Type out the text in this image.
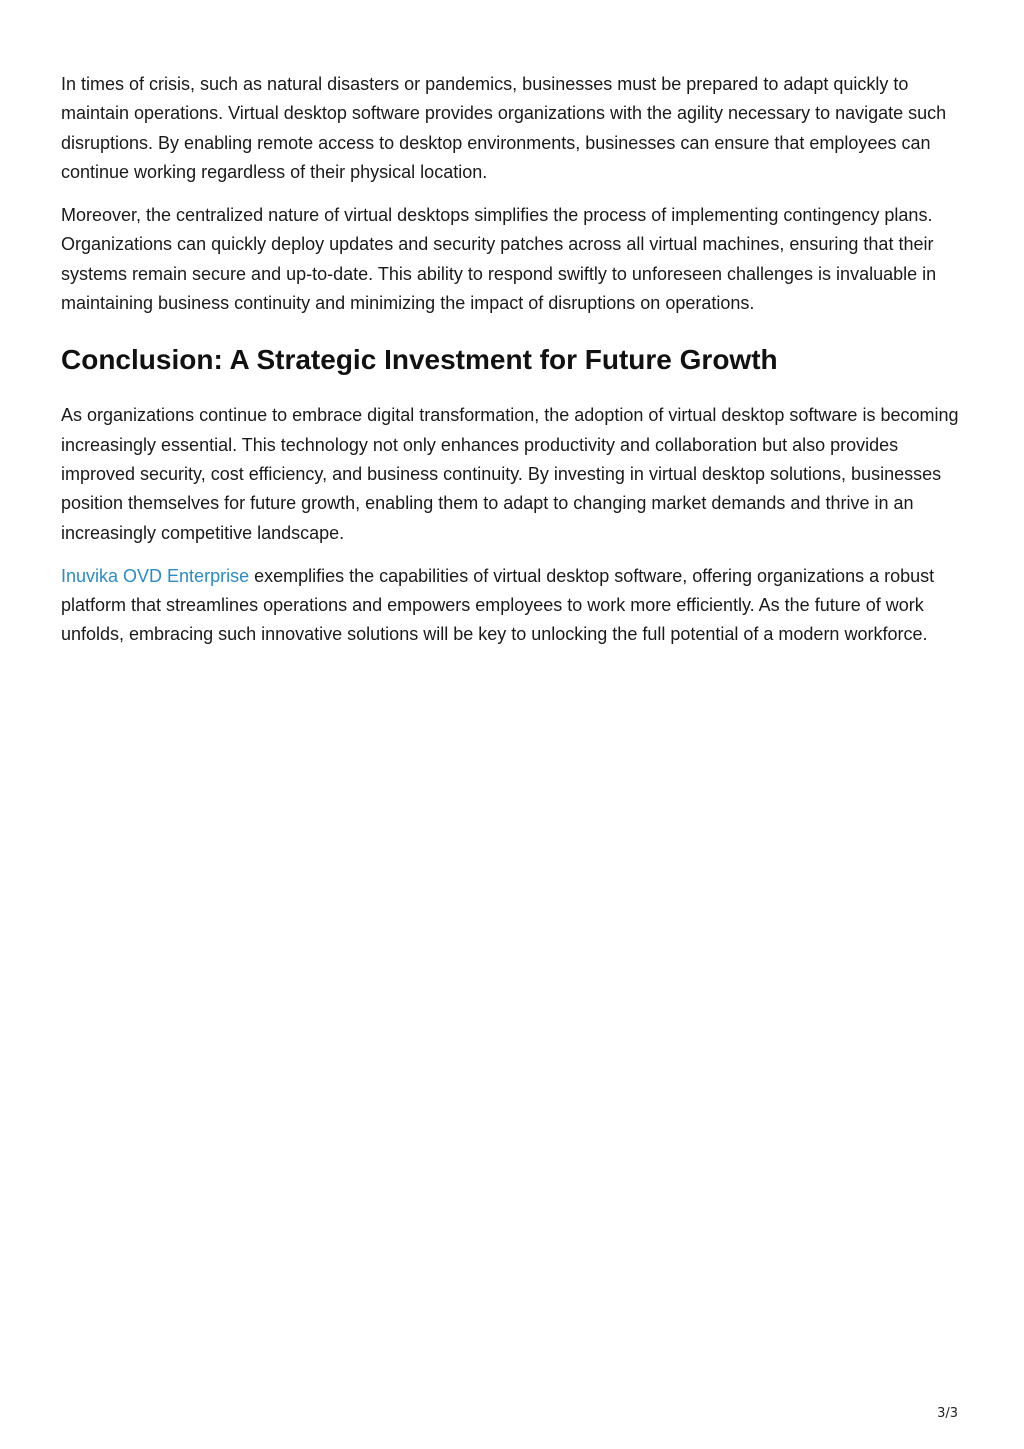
In times of crisis, such as natural disasters or pandemics, businesses must be prepared to adapt quickly to maintain operations. Virtual desktop software provides organizations with the agility necessary to navigate such disruptions. By enabling remote access to desktop environments, businesses can ensure that employees can continue working regardless of their physical location.

Moreover, the centralized nature of virtual desktops simplifies the process of implementing contingency plans. Organizations can quickly deploy updates and security patches across all virtual machines, ensuring that their systems remain secure and up-to-date. This ability to respond swiftly to unforeseen challenges is invaluable in maintaining business continuity and minimizing the impact of disruptions on operations.

Conclusion: A Strategic Investment for Future Growth

As organizations continue to embrace digital transformation, the adoption of virtual desktop software is becoming increasingly essential. This technology not only enhances productivity and collaboration but also provides improved security, cost efficiency, and business continuity. By investing in virtual desktop solutions, businesses position themselves for future growth, enabling them to adapt to changing market demands and thrive in an increasingly competitive landscape.

Inuvika OVD Enterprise exemplifies the capabilities of virtual desktop software, offering organizations a robust platform that streamlines operations and empowers employees to work more efficiently. As the future of work unfolds, embracing such innovative solutions will be key to unlocking the full potential of a modern workforce.

3/3
